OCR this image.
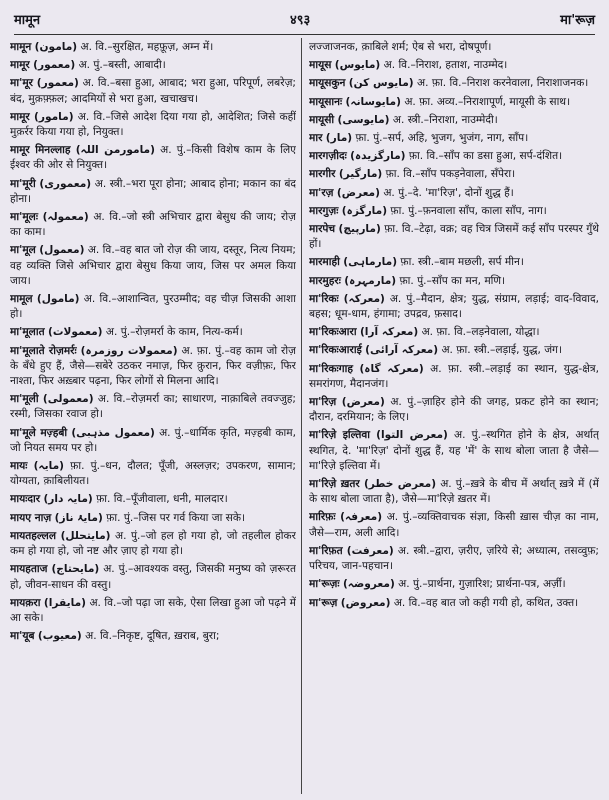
मामून	४९३	मा'रूज़

मामून (مامون) अ. वि.–सुरक्षित, महफ़ूज़, अम्न में।

मामूर (معمور) अ. पुं.–बस्ती, आबादी।

मा'मूर (معمور) अ. वि.–बसा हुआ, आबाद; भरा हुआ, परिपूर्ण, लबरेज़; बंद, मुक़फ़्फ़ल; आदमियों से भरा हुआ, खचाखच।

मामूर (مامور) अ. वि.–जिसे आदेश दिया गया हो, आदेशित; जिसे कहीं मुक़र्रर किया गया हो, नियुक्त।

मामूर मिनल्लाह (مامورمن اللہ) अ. पुं.–किसी विशेष काम के लिए ईश्वर की ओर से नियुक्त।

मा'मूरी (معموری) अ. स्त्री.–भरा पूरा होना; आबाद होना; मकान का बंद होना।

मा'मूलः (معمولہ) अ. वि.–जो स्त्री अभिचार द्वारा बेसुध की जाय; रोज़ का काम।

मा'मूल (معمول) अ. वि.–वह बात जो रोज़ की जाय, दस्तूर, नित्य नियम; वह व्यक्ति जिसे अभिचार द्वारा बेसुध किया जाय, जिस पर अमल किया जाय।

मामूल (مامول) अ. वि.–आशान्वित, पुरउम्मीद; वह चीज़ जिसकी आशा हो।

मा'मूलात (معمولات) अ. पुं.–रोज़मर्रा के काम, नित्य-कर्म।

मा'मूलाते रोज़मर्रः (معمولات روزمرہ) अ. फ़ा. पुं.–वह काम जो रोज़ के बँधे हुए हैं, जैसे—सबेरे उठकर नमाज़, फिर क़ुरान, फिर वज़ीफ़ः, फिर नाश्ता, फिर अख़्बार पढ़ना, फिर लोगों से मिलना आदि।

मा'मूली (معمولی) अ. वि.–रोज़मर्रा का; साधारण, नाक़ाबिले तवज्जुह; रस्मी, जिसका रवाज हो।

मा'मूले मज़्हबी (معمول مذہبی) अ. पुं.–धार्मिक कृति, मज़्हबी काम, जो नियत समय पर हो।

मायः (مایہ) फ़ा. पुं.–धन, दौलत; पूँजी, अस्लज़र; उपकरण, सामान; योग्यता, क़ाबिलीयत।

मायःदार (مایہ دار) फ़ा. वि.–पूँजीवाला, धनी, मालदार।

मायए नाज़ (مایۂ ناز) फ़ा. पुं.–जिस पर गर्व किया जा सके।

मायतहल्लल (مایتحلل) अ. पुं.–जो हल हो गया हो, जो तहलील होकर कम हो गया हो, जो नष्ट और ज़ाए हो गया हो।

मायहताज (مایحتاج) अ. पुं.–आवश्यक वस्तु, जिसकी मनुष्य को ज़रूरत हो, जीवन-साधन की वस्तु।

मायक़रा (مایقرا) अ. वि.–जो पढ़ा जा सके, ऐसा लिखा हुआ जो पढ़ने में आ सके।

मा'यूब (معیوب) अ. वि.–निकृष्ट, दूषित, ख़राब, बुरा;

लज्जाजनक, क़ाबिले शर्म; ऐब से भरा, दोषपूर्ण।

मायूस (مایوس) अ. वि.–निराश, हताश, नाउम्मेद।

मायूसकुन (مایوس کن) अ. फ़ा. वि.–निराश करनेवाला, निराशाजनक।

मायूसानः (مایوسانہ) अ. फ़ा. अव्य.–निराशापूर्ण, मायूसी के साथ।

मायूसी (مایوسی) अ. स्त्री.–निराशा, नाउम्मेदी।

मार (مار) फ़ा. पुं.–सर्प, अहि, भुजग, भुजंग, नाग, साँप।

मारगज़ीदः (مارگزیدہ) फ़ा. वि.–साँप का डसा हुआ, सर्प-दंशित।

मारगीर (مارگیر) फ़ा. वि.–साँप पकड़नेवाला, सँपेरा।

मा'रज़ (معرض) अ. पुं.–दे. 'मा'रिज़', दोनों शुद्ध हैं।

मारगुज़ः (مارگزہ) फ़ा. पुं.–फ़नवाला साँप, काला साँप, नाग।

मारपेच (مارپیچ) फ़ा. वि.–टेढ़ा, वक्र; वह चित्र जिसमें कई साँप परस्पर गुँथे हों।

मारमाही (مارماہی) फ़ा. स्त्री.–बाम मछली, सर्प मीन।

मारमुहरः (مارمہرہ) फ़ा. पुं.–साँप का मन, मणि।

मा'रिकः (معرکہ) अ. पुं.–मैदान, क्षेत्र; युद्ध, संग्राम, लड़ाई; वाद-विवाद, बहस; धूम-धाम, हंगामा; उपद्रव, फ़साद।

मा'रिकःआरा (معرکہ آرا) अ. फ़ा. वि.–लड़नेवाला, योद्धा।

मा'रिकःआराई (معرکہ آرائی) अ. फ़ा. स्त्री.–लड़ाई, युद्ध, जंग।

मा'रिकःगाह (معرکہ گاہ) अ. फ़ा. स्त्री.–लड़ाई का स्थान, युद्ध-क्षेत्र, समरांगण, मैदानजंग।

मा'रिज़ (معرض) अ. पुं.–ज़ाहिर होने की जगह, प्रकट होने का स्थान; दौरान, दरमियान; के लिए।

मा'रिज़े इल्तिवा (معرض التوا) अ. पुं.–स्थगित होने के क्षेत्र, अर्थात् स्थगित, दे. 'मा'रिज़' दोनों शुद्ध हैं, यह 'में' के साथ बोला जाता है जैसे—मा'रिज़े इल्तिवा में।

मा'रिज़े ख़तर (معرض خطر) अ. पुं.–ख़त्रे के बीच में अर्थात् ख़त्रे में (में के साथ बोला जाता है), जैसे—मा'रिज़े ख़तर में।

मारिफ़ः (معرفہ) अ. पुं.–व्यक्तिवाचक संज्ञा, किसी ख़ास चीज़ का नाम, जैसे—राम, अली आदि।

मा'रिफ़त (معرفت) अ. स्त्री.–द्वारा, ज़रीए, ज़रिये से; अध्यात्म, तसव्वुफ़; परिचय, जान-पहचान।

मा'रूज़ः (معروضہ) अ. पुं.–प्रार्थना, गुज़ारिश; प्रार्थना-पत्र, अर्ज़ी।

मा'रूज़ (معروض) अ. वि.–वह बात जो कही गयी हो, कथित, उक्त।
